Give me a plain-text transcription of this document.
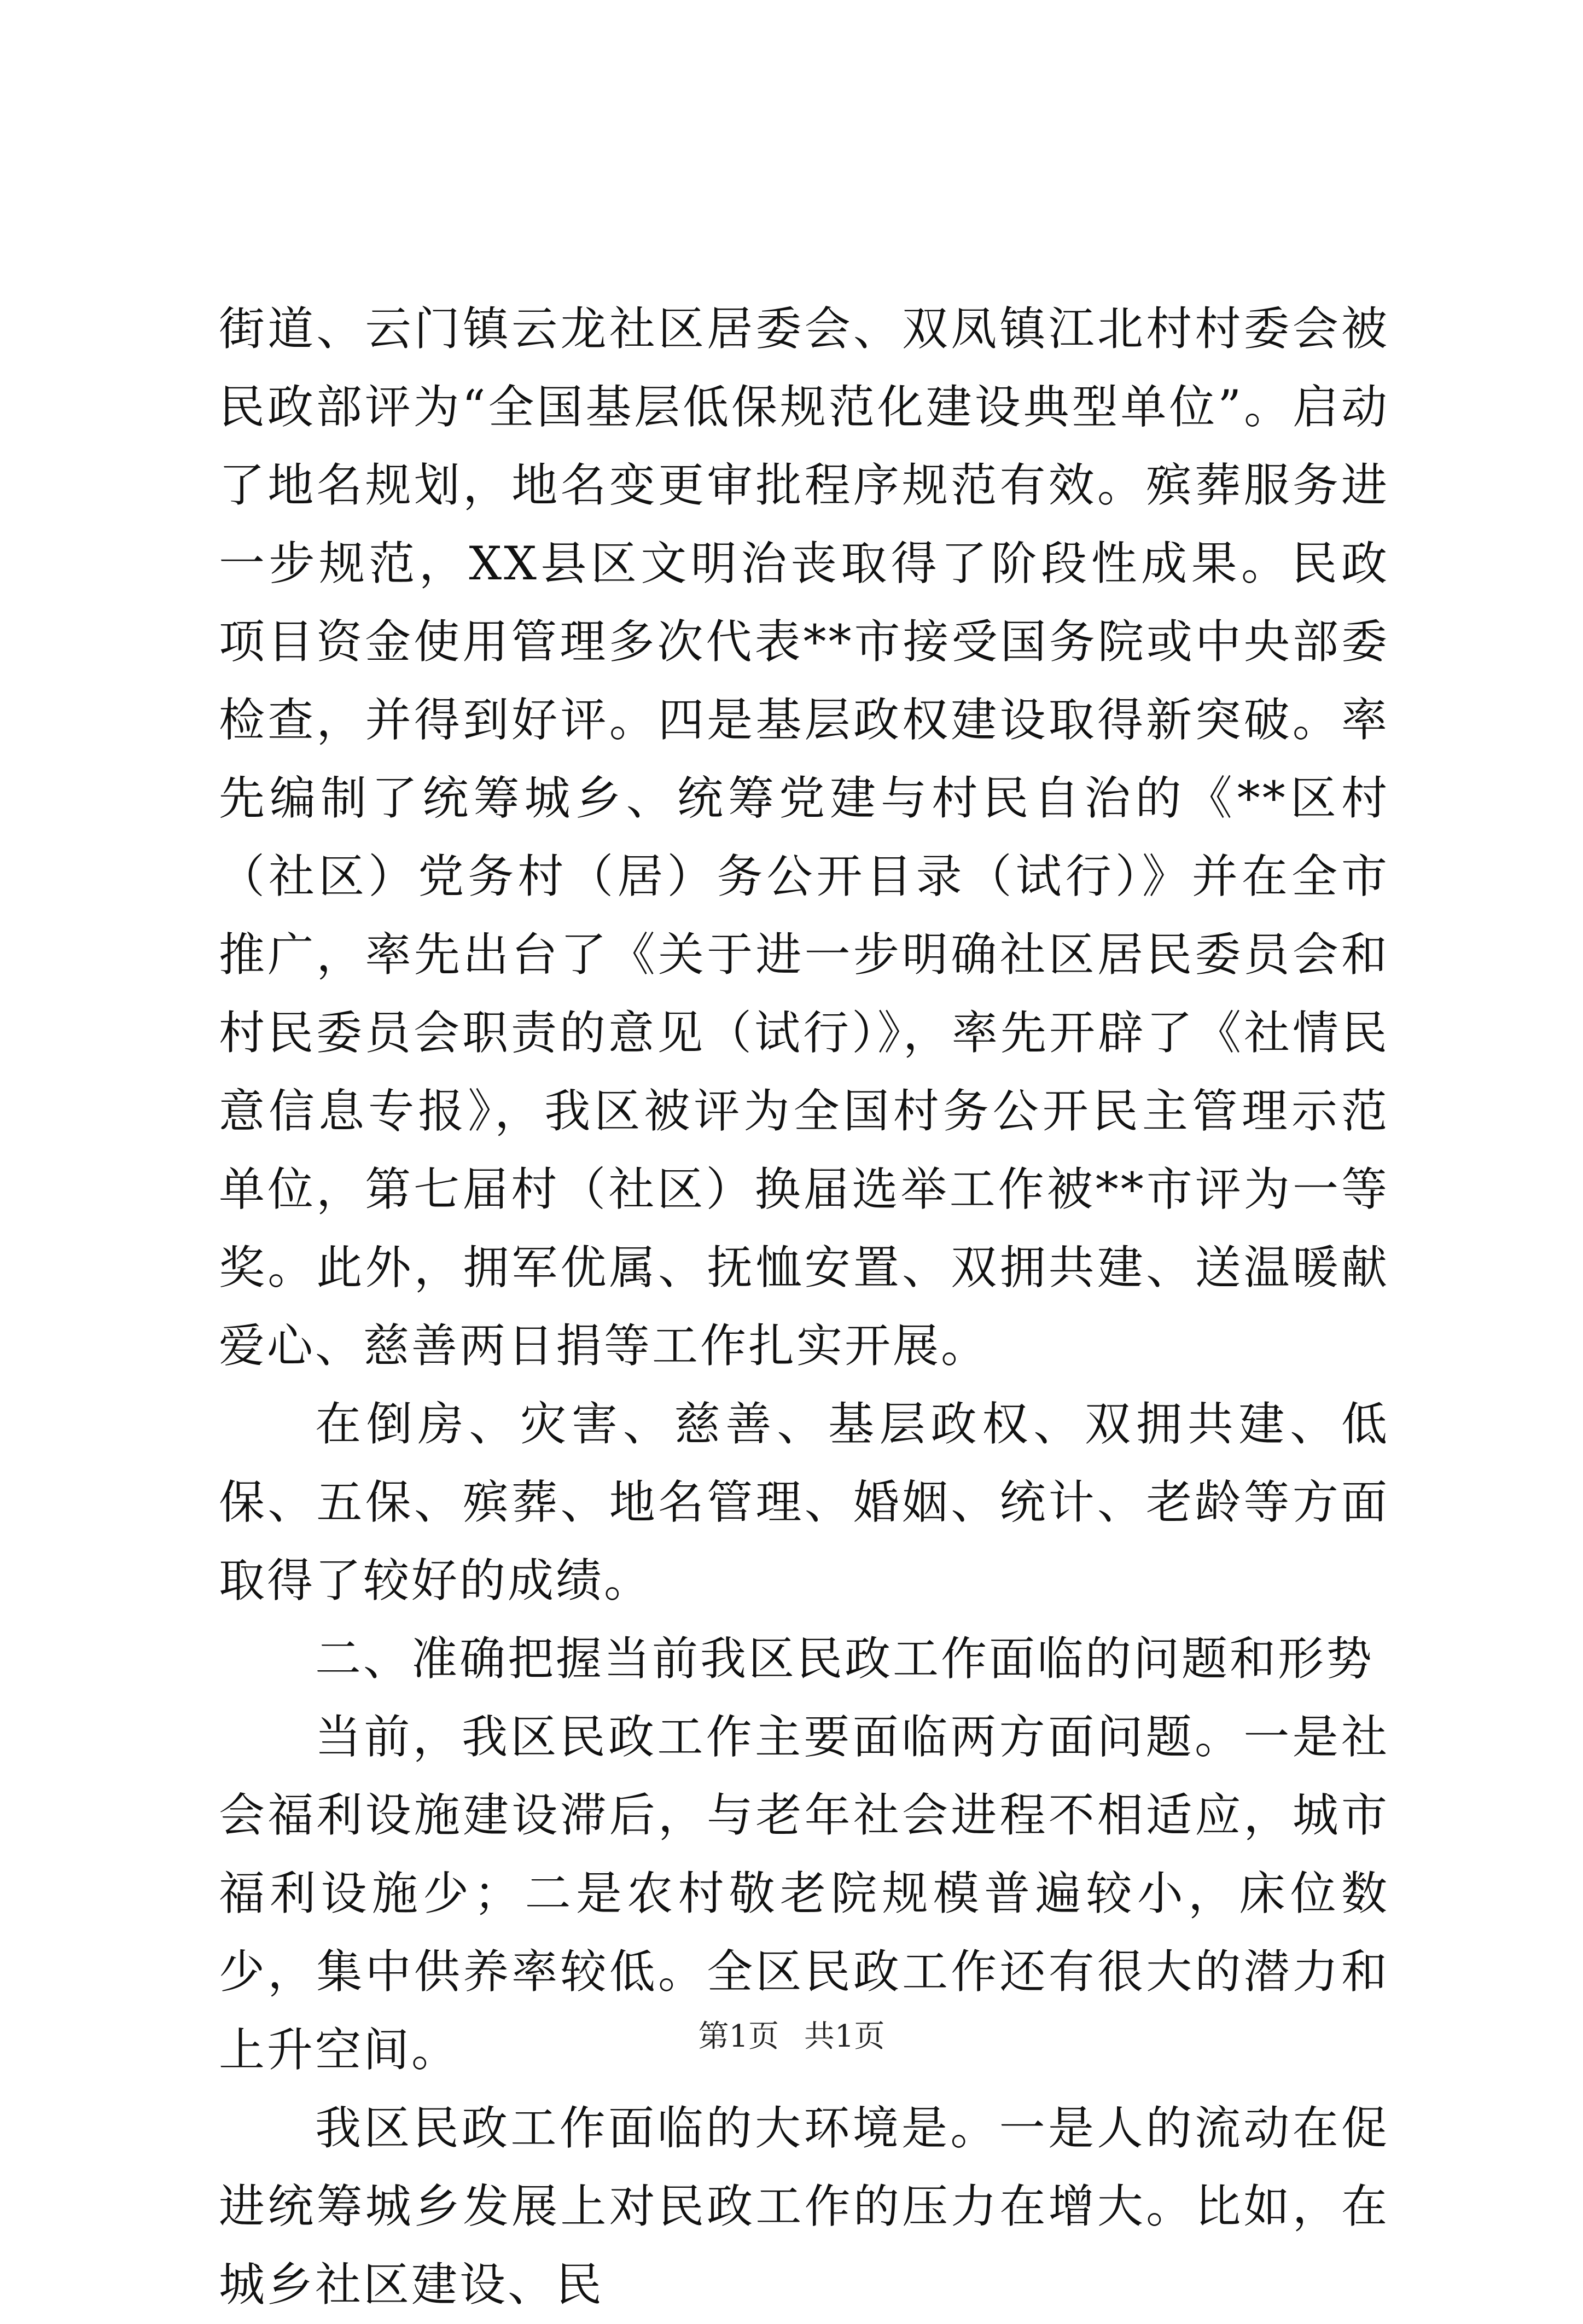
街道、云门镇云龙社区居委会、双凤镇江北村村委会被民政部评为“全国基层低保规范化建设典型单位”。启动了地名规划，地名变更审批程序规范有效。殡葬服务进一步规范，XX县区文明治丧取得了阶段性成果。民政项目资金使用管理多次代表**市接受国务院或中央部委检查，并得到好评。四是基层政权建设取得新突破。率先编制了统筹城乡、统筹党建与村民自治的《**区村（社区）党务村（居）务公开目录（试行）》并在全市推广，率先出台了《关于进一步明确社区居民委员会和村民委员会职责的意见（试行）》，率先开辟了《社情民意信息专报》，我区被评为全国村务公开民主管理示范单位，第七届村（社区）换届选举工作被**市评为一等奖。此外，拥军优属、抚恤安置、双拥共建、送温暖献爱心、慈善两日捐等工作扎实开展。

在倒房、灾害、慈善、基层政权、双拥共建、低保、五保、殡葬、地名管理、婚姻、统计、老龄等方面取得了较好的成绩。

二、准确把握当前我区民政工作面临的问题和形势

当前，我区民政工作主要面临两方面问题。一是社会福利设施建设滞后，与老年社会进程不相适应，城市福利设施少；二是农村敬老院规模普遍较小，床位数少，集中供养率较低。全区民政工作还有很大的潜力和上升空间。

我区民政工作面临的大环境是。一是人的流动在促进统筹城乡发展上对民政工作的压力在增大。比如，在城乡社区建设、民

第1页 共1页
